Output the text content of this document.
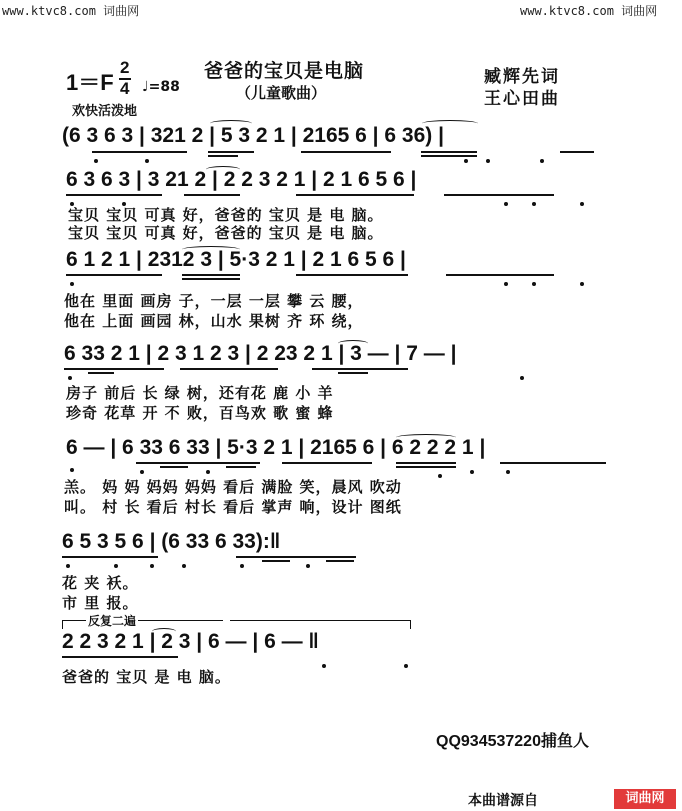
www.ktvc8.com 词曲网	www.ktvc8.com 词曲网
爸爸的宝贝是电脑
（儿童歌曲）
臧辉先词
王心田曲
1＝F
2
4 ♩=88
欢快活泼地
(6 3 6 3 | 321 2 | 5 3 2 1 | 2165 6 | 6 36) |
6 3 6 3 | 3 21 2 | 2 2 3 2 1 | 2 1 6 5 6 |
宝贝 宝贝 可真 好，爸爸的 宝贝 是 电 脑。
宝贝 宝贝 可真 好，爸爸的 宝贝 是 电 脑。
6 1 2 1 | 2312 3 | 5·3 2 1 | 2 1 6 5 6 |
他在 里面 画房 子，一层 一层 攀 云 腰，
他在 上面 画园 林，山水 果树 齐 环 绕，
6 33 2 1 | 2 3 1 2 3 | 2 23 2 1 | 3 — | 7 — |
房子 前后 长 绿 树，还有花 鹿 小 羊
珍奇 花草 开 不 败，百鸟欢 歌 蜜 蜂
6 — | 6 33 6 33 | 5·3 2 1 | 2165 6 | 6 2 2 2 1 |
羔。 妈 妈 妈妈 妈妈 看后 满脸 笑，晨风 吹动
叫。 村 长 看后 村长 看后 掌声 响，设计 图纸
6 5 3 5 6 | (6 33 6 33):‖
花 夹 袄。
市 里 报。
反复二遍
2 2 3 2 1 | 2 3 | 6 — | 6 — ‖
爸爸的 宝贝 是 电 脑。
QQ934537220捕鱼人
本曲谱源自	词曲网
